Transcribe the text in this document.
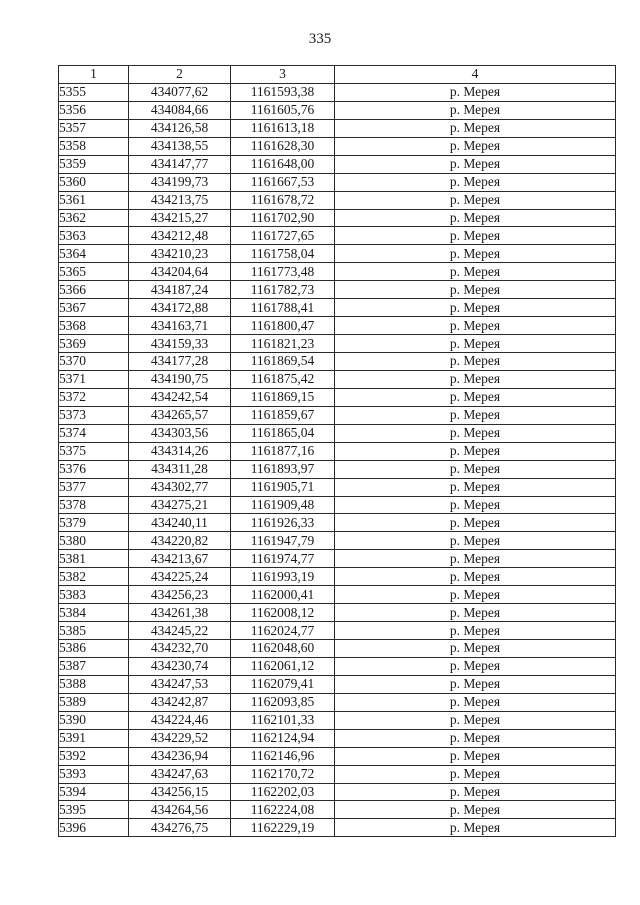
335
1	2	3	4
5355	434077,62	1161593,38	р. Мерея
5356	434084,66	1161605,76	р. Мерея
5357	434126,58	1161613,18	р. Мерея
5358	434138,55	1161628,30	р. Мерея
5359	434147,77	1161648,00	р. Мерея
5360	434199,73	1161667,53	р. Мерея
5361	434213,75	1161678,72	р. Мерея
5362	434215,27	1161702,90	р. Мерея
5363	434212,48	1161727,65	р. Мерея
5364	434210,23	1161758,04	р. Мерея
5365	434204,64	1161773,48	р. Мерея
5366	434187,24	1161782,73	р. Мерея
5367	434172,88	1161788,41	р. Мерея
5368	434163,71	1161800,47	р. Мерея
5369	434159,33	1161821,23	р. Мерея
5370	434177,28	1161869,54	р. Мерея
5371	434190,75	1161875,42	р. Мерея
5372	434242,54	1161869,15	р. Мерея
5373	434265,57	1161859,67	р. Мерея
5374	434303,56	1161865,04	р. Мерея
5375	434314,26	1161877,16	р. Мерея
5376	434311,28	1161893,97	р. Мерея
5377	434302,77	1161905,71	р. Мерея
5378	434275,21	1161909,48	р. Мерея
5379	434240,11	1161926,33	р. Мерея
5380	434220,82	1161947,79	р. Мерея
5381	434213,67	1161974,77	р. Мерея
5382	434225,24	1161993,19	р. Мерея
5383	434256,23	1162000,41	р. Мерея
5384	434261,38	1162008,12	р. Мерея
5385	434245,22	1162024,77	р. Мерея
5386	434232,70	1162048,60	р. Мерея
5387	434230,74	1162061,12	р. Мерея
5388	434247,53	1162079,41	р. Мерея
5389	434242,87	1162093,85	р. Мерея
5390	434224,46	1162101,33	р. Мерея
5391	434229,52	1162124,94	р. Мерея
5392	434236,94	1162146,96	р. Мерея
5393	434247,63	1162170,72	р. Мерея
5394	434256,15	1162202,03	р. Мерея
5395	434264,56	1162224,08	р. Мерея
5396	434276,75	1162229,19	р. Мерея
